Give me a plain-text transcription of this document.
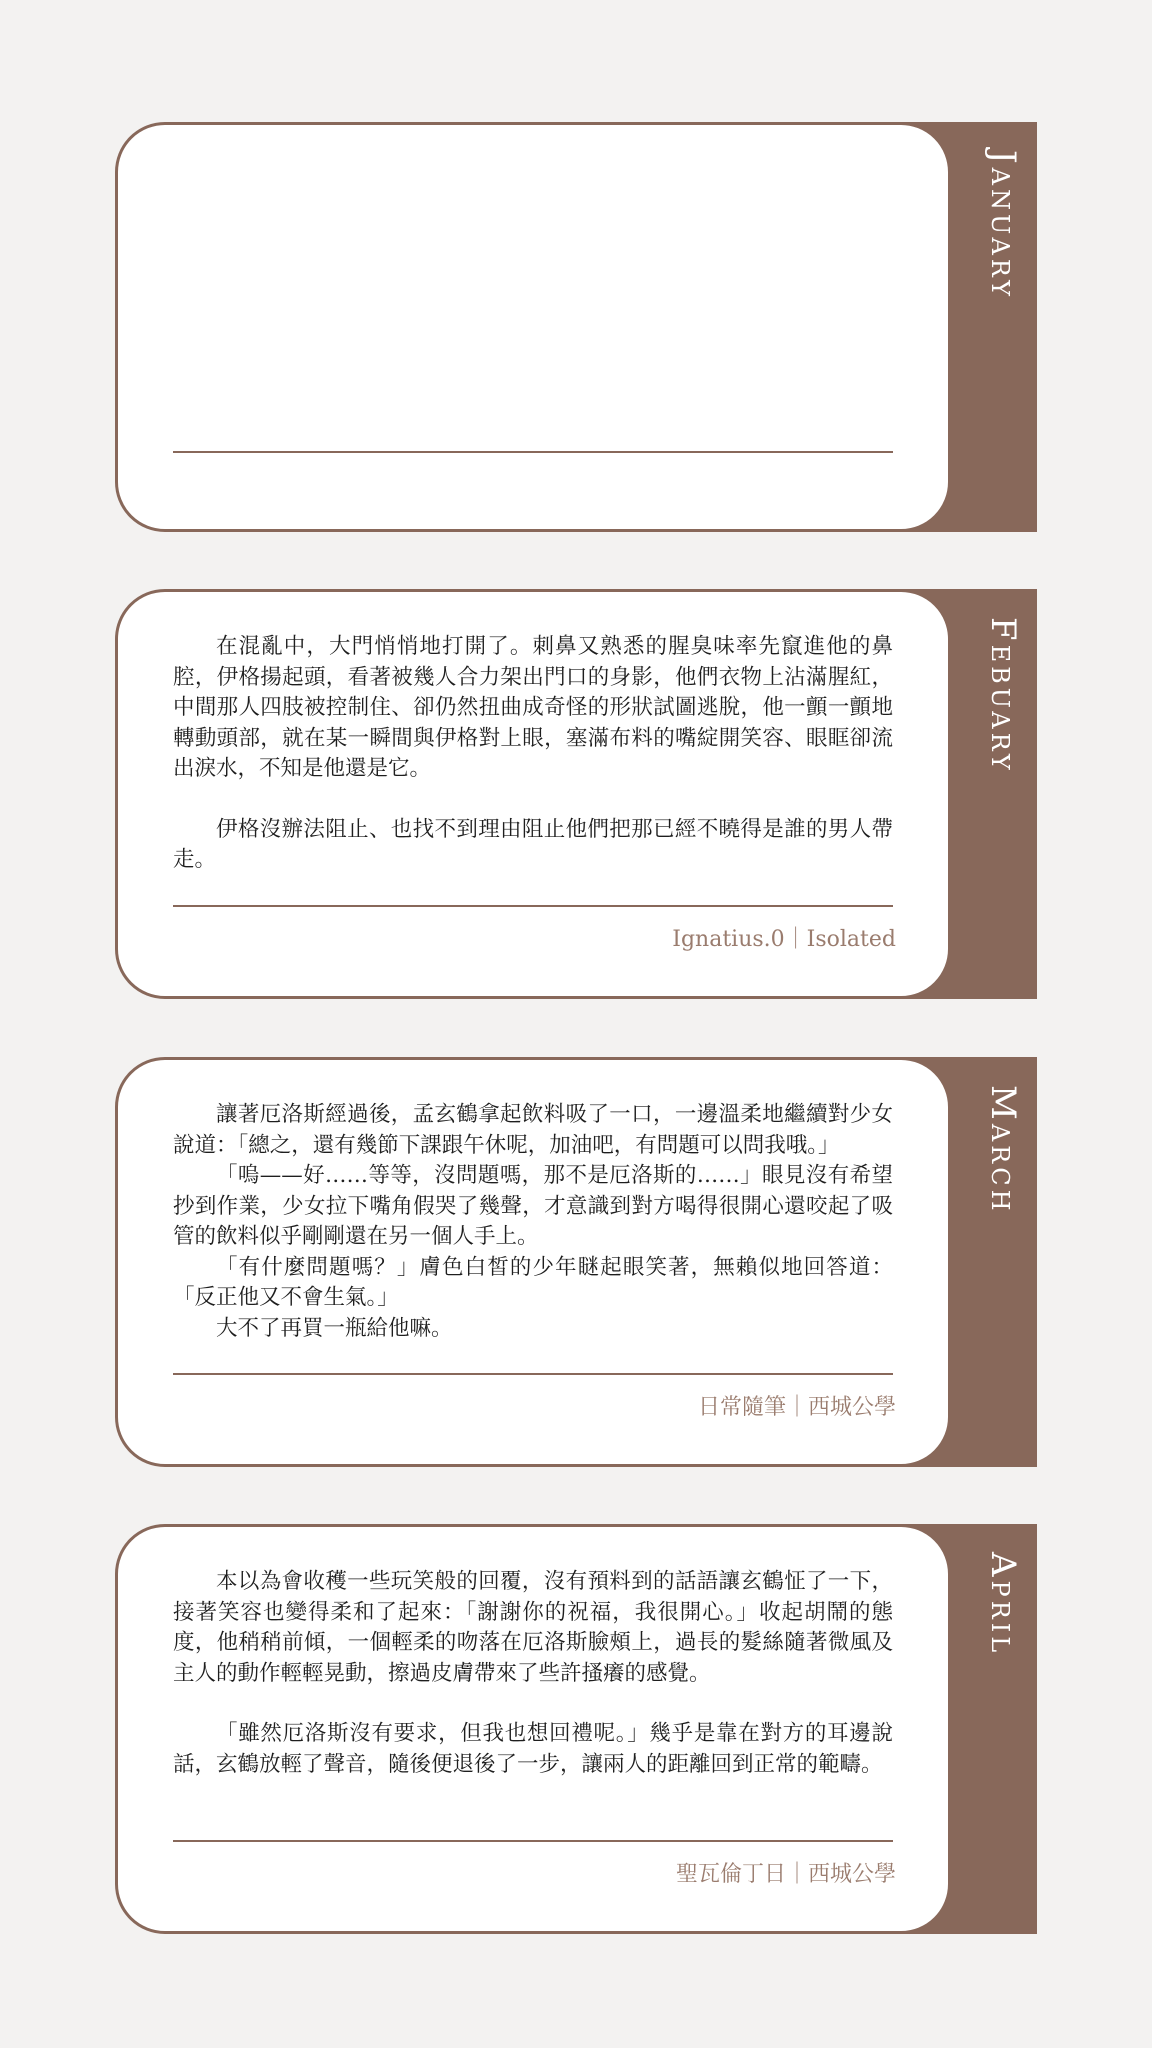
January
Febuary

在混亂中，大門悄悄地打開了。刺鼻又熟悉的腥臭味率先竄進他的鼻腔，伊格揚起頭，看著被幾人合力架出門口的身影，他們衣物上沾滿腥紅，中間那人四肢被控制住、卻仍然扭曲成奇怪的形狀試圖逃脫，他一顫一顫地轉動頭部，就在某一瞬間與伊格對上眼，塞滿布料的嘴綻開笑容、眼眶卻流出淚水，不知是他還是它。

伊格沒辦法阻止、也找不到理由阻止他們把那已經不曉得是誰的男人帶走。

Ignatius.0｜Isolated
March

讓著厄洛斯經過後，孟玄鶴拿起飲料吸了一口，一邊溫柔地繼續對少女說道：「總之，還有幾節下課跟午休呢，加油吧，有問題可以問我哦。」

「嗚——好……等等，沒問題嗎，那不是厄洛斯的……」眼見沒有希望抄到作業，少女拉下嘴角假哭了幾聲，才意識到對方喝得很開心還咬起了吸管的飲料似乎剛剛還在另一個人手上。

「有什麼問題嗎？」膚色白皙的少年瞇起眼笑著，無賴似地回答道：「反正他又不會生氣。」

大不了再買一瓶給他嘛。

日常隨筆｜西城公學
April

本以為會收穫一些玩笑般的回覆，沒有預料到的話語讓玄鶴怔了一下，接著笑容也變得柔和了起來：「謝謝你的祝福，我很開心。」收起胡鬧的態度，他稍稍前傾，一個輕柔的吻落在厄洛斯臉頰上，過長的髮絲隨著微風及主人的動作輕輕晃動，擦過皮膚帶來了些許搔癢的感覺。

「雖然厄洛斯沒有要求，但我也想回禮呢。」幾乎是靠在對方的耳邊說話，玄鶴放輕了聲音，隨後便退後了一步，讓兩人的距離回到正常的範疇。

聖瓦倫丁日｜西城公學
